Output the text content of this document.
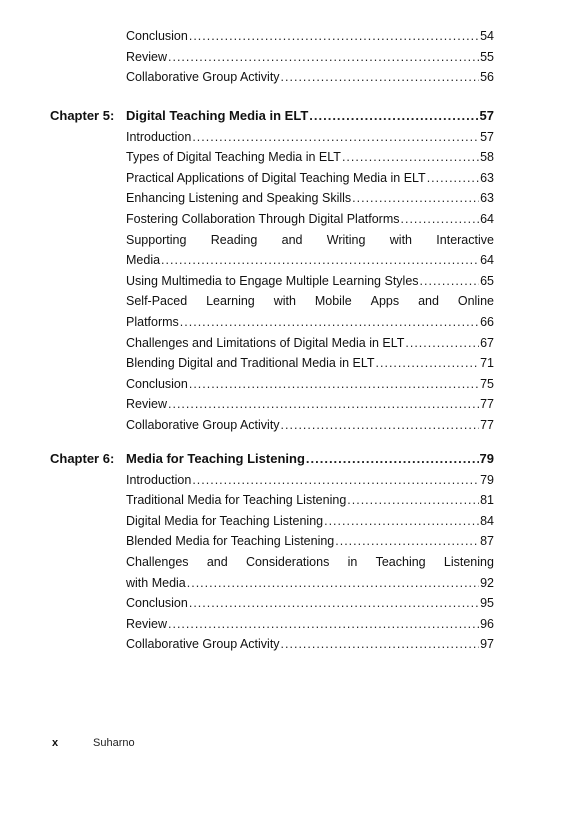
Conclusion .....	54
Review .....	55
Collaborative Group Activity .....	56
Chapter 5: Digital Teaching Media in ELT .....	57
Introduction .....	57
Types of Digital Teaching Media in ELT .....	58
Practical Applications of Digital Teaching Media in ELT .....	63
Enhancing Listening and Speaking Skills .....	63
Fostering Collaboration Through Digital Platforms .....	64
Supporting Reading and Writing with Interactive
Media .....	64
Using Multimedia to Engage Multiple Learning Styles .....	65
Self-Paced Learning with Mobile Apps and Online
Platforms .....	66
Challenges and Limitations of Digital Media in ELT .....	67
Blending Digital and Traditional Media in ELT .....	71
Conclusion .....	75
Review .....	77
Collaborative Group Activity .....	77
Chapter 6: Media for Teaching Listening .....	79
Introduction .....	79
Traditional Media for Teaching Listening .....	81
Digital Media for Teaching Listening .....	84
Blended Media for Teaching Listening .....	87
Challenges and Considerations in Teaching Listening
with Media .....	92
Conclusion .....	95
Review .....	96
Collaborative Group Activity .....	97
x	Suharno
